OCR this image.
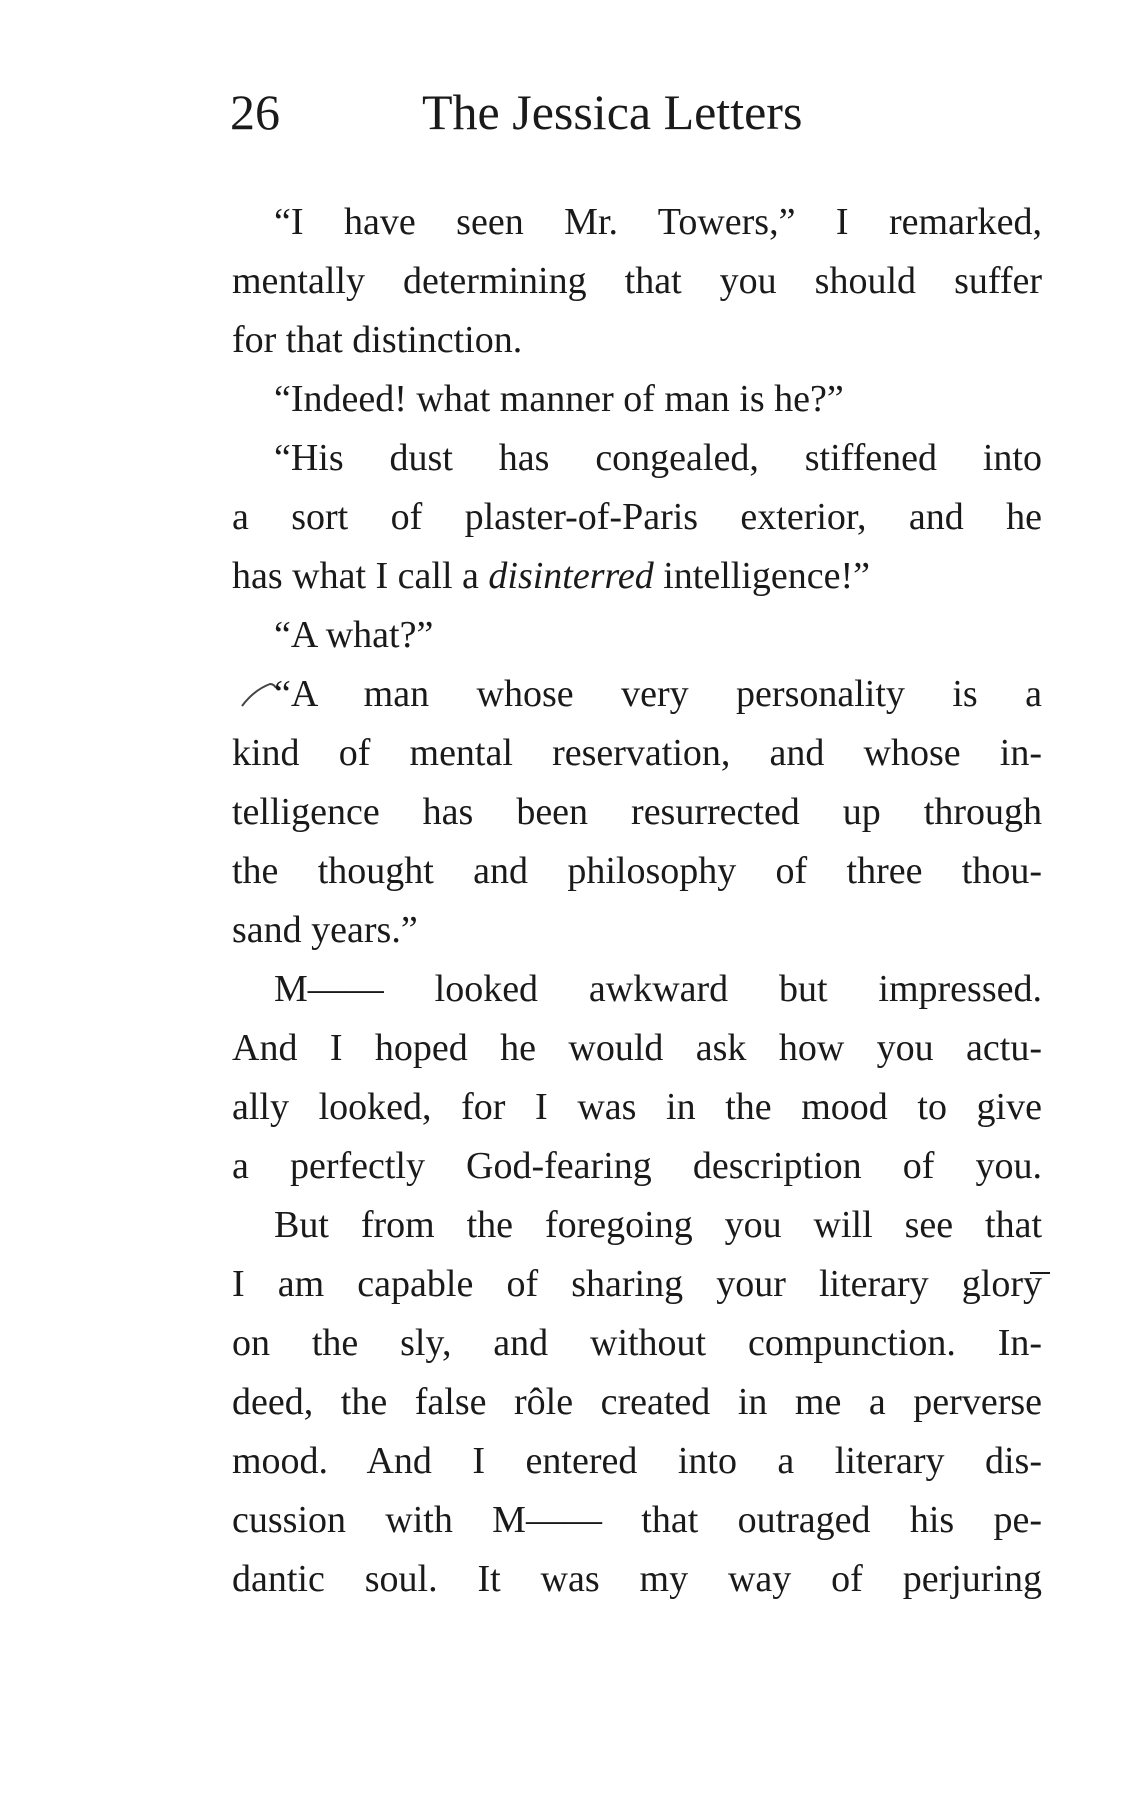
26	The Jessica Letters
“I have seen Mr. Towers,” I remarked,
mentally determining that you should suffer
for that distinction.
“Indeed! what manner of man is he?”
“His dust has congealed, stiffened into
a sort of plaster-of-Paris exterior, and he
has what I call a disinterred intelligence!”
“A what?”
“A man whose very personality is a
kind of mental reservation, and whose in-
telligence has been resurrected up through
the thought and philosophy of three thou-
sand years.”
M—— looked awkward but impressed.
And I hoped he would ask how you actu-
ally looked, for I was in the mood to give
a perfectly God-fearing description of you.
But from the foregoing you will see that
I am capable of sharing your literary glory
on the sly, and without compunction. In-
deed, the false rôle created in me a perverse
mood. And I entered into a literary dis-
cussion with M—— that outraged his pe-
dantic soul. It was my way of perjuring
